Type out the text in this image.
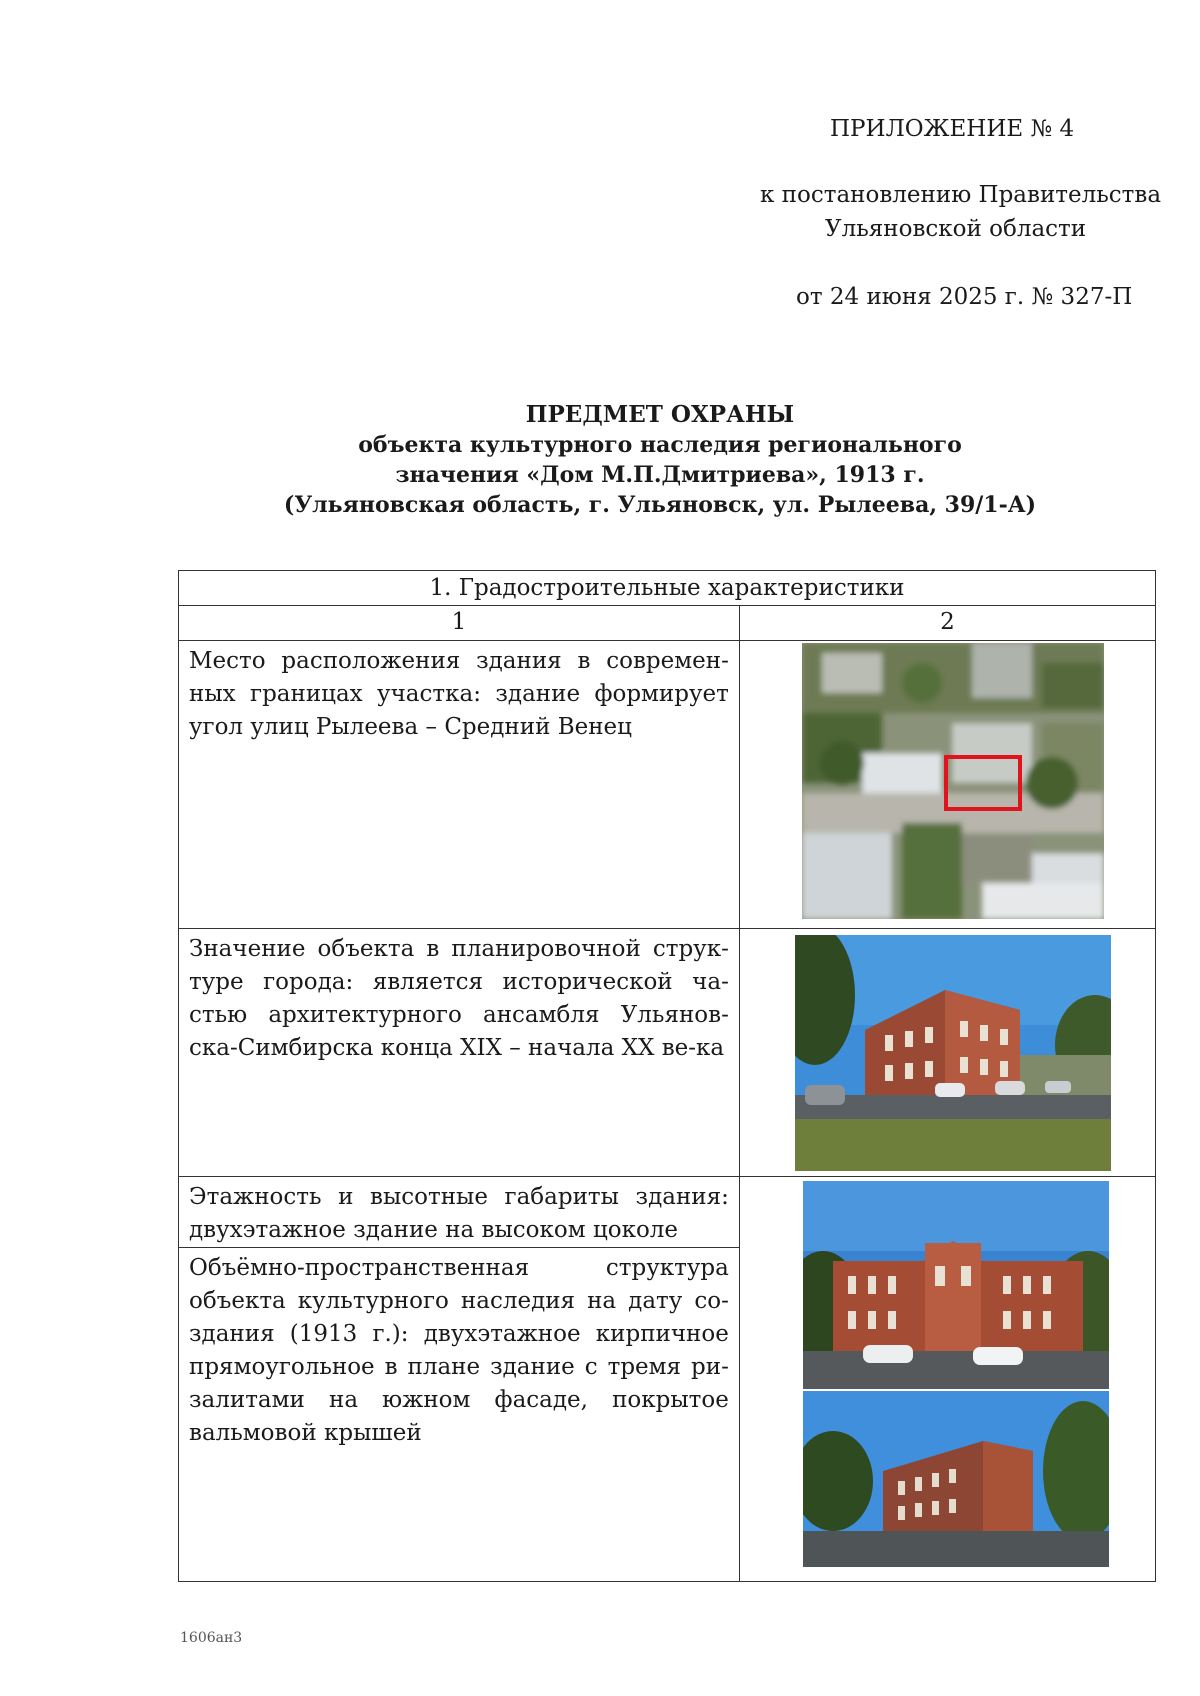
ПРИЛОЖЕНИЕ № 4
к постановлению Правительства
Ульяновской области
от 24 июня 2025 г. № 327-П
ПРЕДМЕТ ОХРАНЫ
объекта культурного наследия регионального
значения «Дом М.П.Дмитриева», 1913 г.
(Ульяновская область, г. Ульяновск, ул. Рылеева, 39/1-А)
1. Градостроительные характеристики	
1	2
Место расположения здания в современ-ных границах участка: здание формирует угол улиц Рылеева – Средний Венец	

Значение объекта в планировочной струк-туре города: является исторической ча-стью архитектурного ансамбля Ульянов-ска-Симбирска конца XIX – начала XX ве-ка	

Этажность и высотные габариты здания: двухэтажное здание на высоком цоколе	

Объёмно-пространственная структура объекта культурного наследия на дату со-здания (1913 г.): двухэтажное кирпичное прямоугольное в плане здание с тремя ри-залитами на южном фасаде, покрытое вальмовой крышей	
1606ан3
